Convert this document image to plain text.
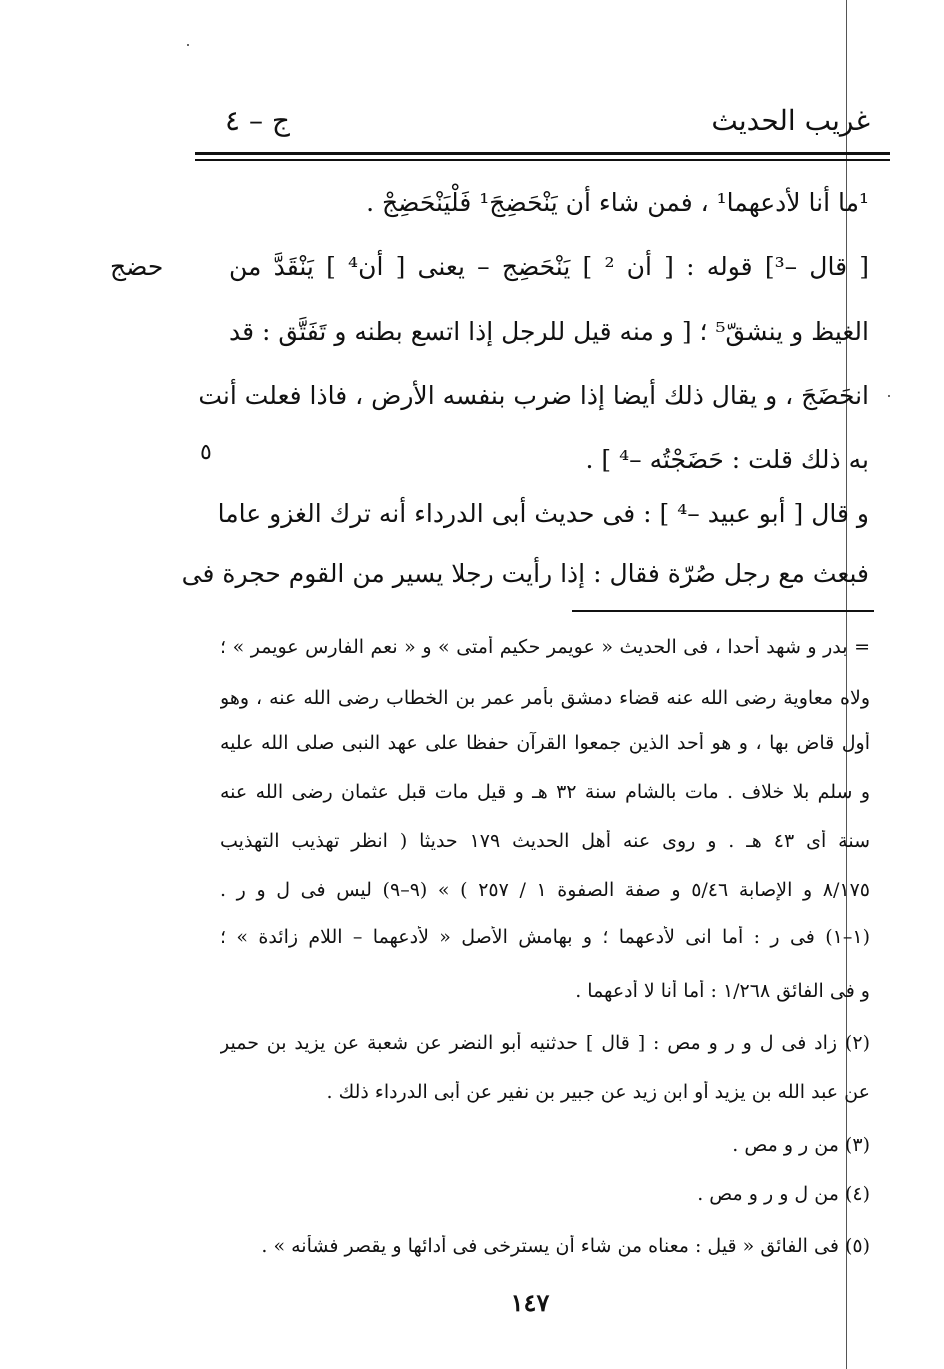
غريب الحديث
ج – ٤
حضج
٥
¹ما أنا لأدعهما¹ ، فمن شاء أن يَنْحَضِجَ¹ فَلْيَنْحَضِجْ .
[ قال –³] قوله : [ أن ² ] يَنْحَضِج – يعنى [ أن⁴ ] يَنْقَدَّ من
الغيظ و ينشقّ⁵ ؛ [ و منه قيل للرجل إذا اتسع بطنه و تَفَتَّق : قد
انحَضَجَ ، و يقال ذلك أيضا إذا ضرب بنفسه الأرض ، فاذا فعلت أنت
به ذلك قلت : حَضَجْتُه –⁴ ] .
و قال [ أبو عبيد –⁴ ] : فى حديث أبى الدرداء أنه ترك الغزو عاما
فبعث مع رجل صُرّة فقال : إذا رأيت رجلا يسير من القوم حجرة فى
= بدر و شهد أحدا ، فى الحديث « عويمر حكيم أمتى » و « نعم الفارس عويمر » ؛
ولاه معاوية رضى الله عنه قضاء دمشق بأمر عمر بن الخطاب رضى الله عنه ، وهو
أول قاض بها ، و هو أحد الذين جمعوا القرآن حفظا على عهد النبى صلى الله عليه
و سلم بلا خلاف . مات بالشام سنة ٣٢ هـ و قيل مات قبل عثمان رضى الله عنه
سنة أى ٤٣ هـ . و روى عنه أهل الحديث ١٧٩ حديثا ( انظر تهذيب التهذيب
٨/١٧٥ و الإصابة ٥/٤٦ و صفة الصفوة ١ / ٢٥٧ ) » (٩–٩) ليس فى ل و ر .
(١–١) فى ر : أما انى لأدعهما ؛ و بهامش الأصل « لأدعهما – اللام زائدة » ؛
و فى الفائق ١/٢٦٨ : أما أنا لا أدعهما .
(٢) زاد فى ل و ر و مص : [ قال ] حدثنيه أبو النضر عن شعبة عن يزيد بن حمير
عن عبد الله بن يزيد أو ابن زيد عن جبير بن نفير عن أبى الدرداء ذلك .
(٣) من ر و مص .
(٤) من ل و ر و مص .
(٥) فى الفائق « قيل : معناه من شاء أن يسترخى فى أدائها و يقصر فشأنه » .
١٤٧
